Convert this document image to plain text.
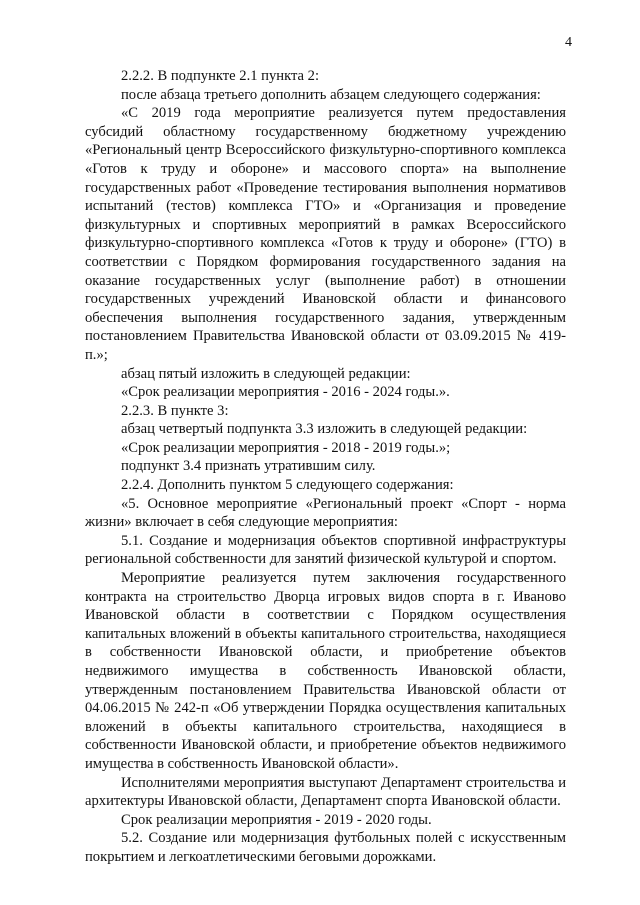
4

2.2.2. В подпункте 2.1 пункта 2:

после абзаца третьего дополнить абзацем следующего содержания:

«С 2019 года мероприятие реализуется путем предоставления субсидий областному государственному бюджетному учреждению «Региональный центр Всероссийского физкультурно-спортивного комплекса «Готов к труду и обороне» и массового спорта» на выполнение государственных работ «Проведение тестирования выполнения нормативов испытаний (тестов) комплекса ГТО» и «Организация и проведение физкультурных и спортивных мероприятий в рамках Всероссийского физкультурно-спортивного комплекса «Готов к труду и обороне» (ГТО) в соответствии с Порядком формирования государственного задания на оказание государственных услуг (выполнение работ) в отношении государственных учреждений Ивановской области и финансового обеспечения выполнения государственного задания, утвержденным постановлением Правительства Ивановской области от 03.09.2015 № 419-п.»;

абзац пятый изложить в следующей редакции:

«Срок реализации мероприятия - 2016 - 2024 годы.».

2.2.3. В пункте 3:

абзац четвертый подпункта 3.3 изложить в следующей редакции:

«Срок реализации мероприятия - 2018 - 2019 годы.»;

подпункт 3.4 признать утратившим силу.

2.2.4. Дополнить пунктом 5 следующего содержания:

«5. Основное мероприятие «Региональный проект «Спорт - норма жизни» включает в себя следующие мероприятия:

5.1. Создание и модернизация объектов спортивной инфраструктуры региональной собственности для занятий физической культурой и спортом.

Мероприятие реализуется путем заключения государственного контракта на строительство Дворца игровых видов спорта в г. Иваново Ивановской области в соответствии с Порядком осуществления капитальных вложений в объекты капитального строительства, находящиеся в собственности Ивановской области, и приобретение объектов недвижимого имущества в собственность Ивановской области, утвержденным постановлением Правительства Ивановской области от 04.06.2015 № 242-п «Об утверждении Порядка осуществления капитальных вложений в объекты капитального строительства, находящиеся в собственности Ивановской области, и приобретение объектов недвижимого имущества в собственность Ивановской области».

Исполнителями мероприятия выступают Департамент строительства и архитектуры Ивановской области, Департамент спорта Ивановской области.

Срок реализации мероприятия - 2019 - 2020 годы.

5.2. Создание или модернизация футбольных полей с искусственным покрытием и легкоатлетическими беговыми дорожками.
